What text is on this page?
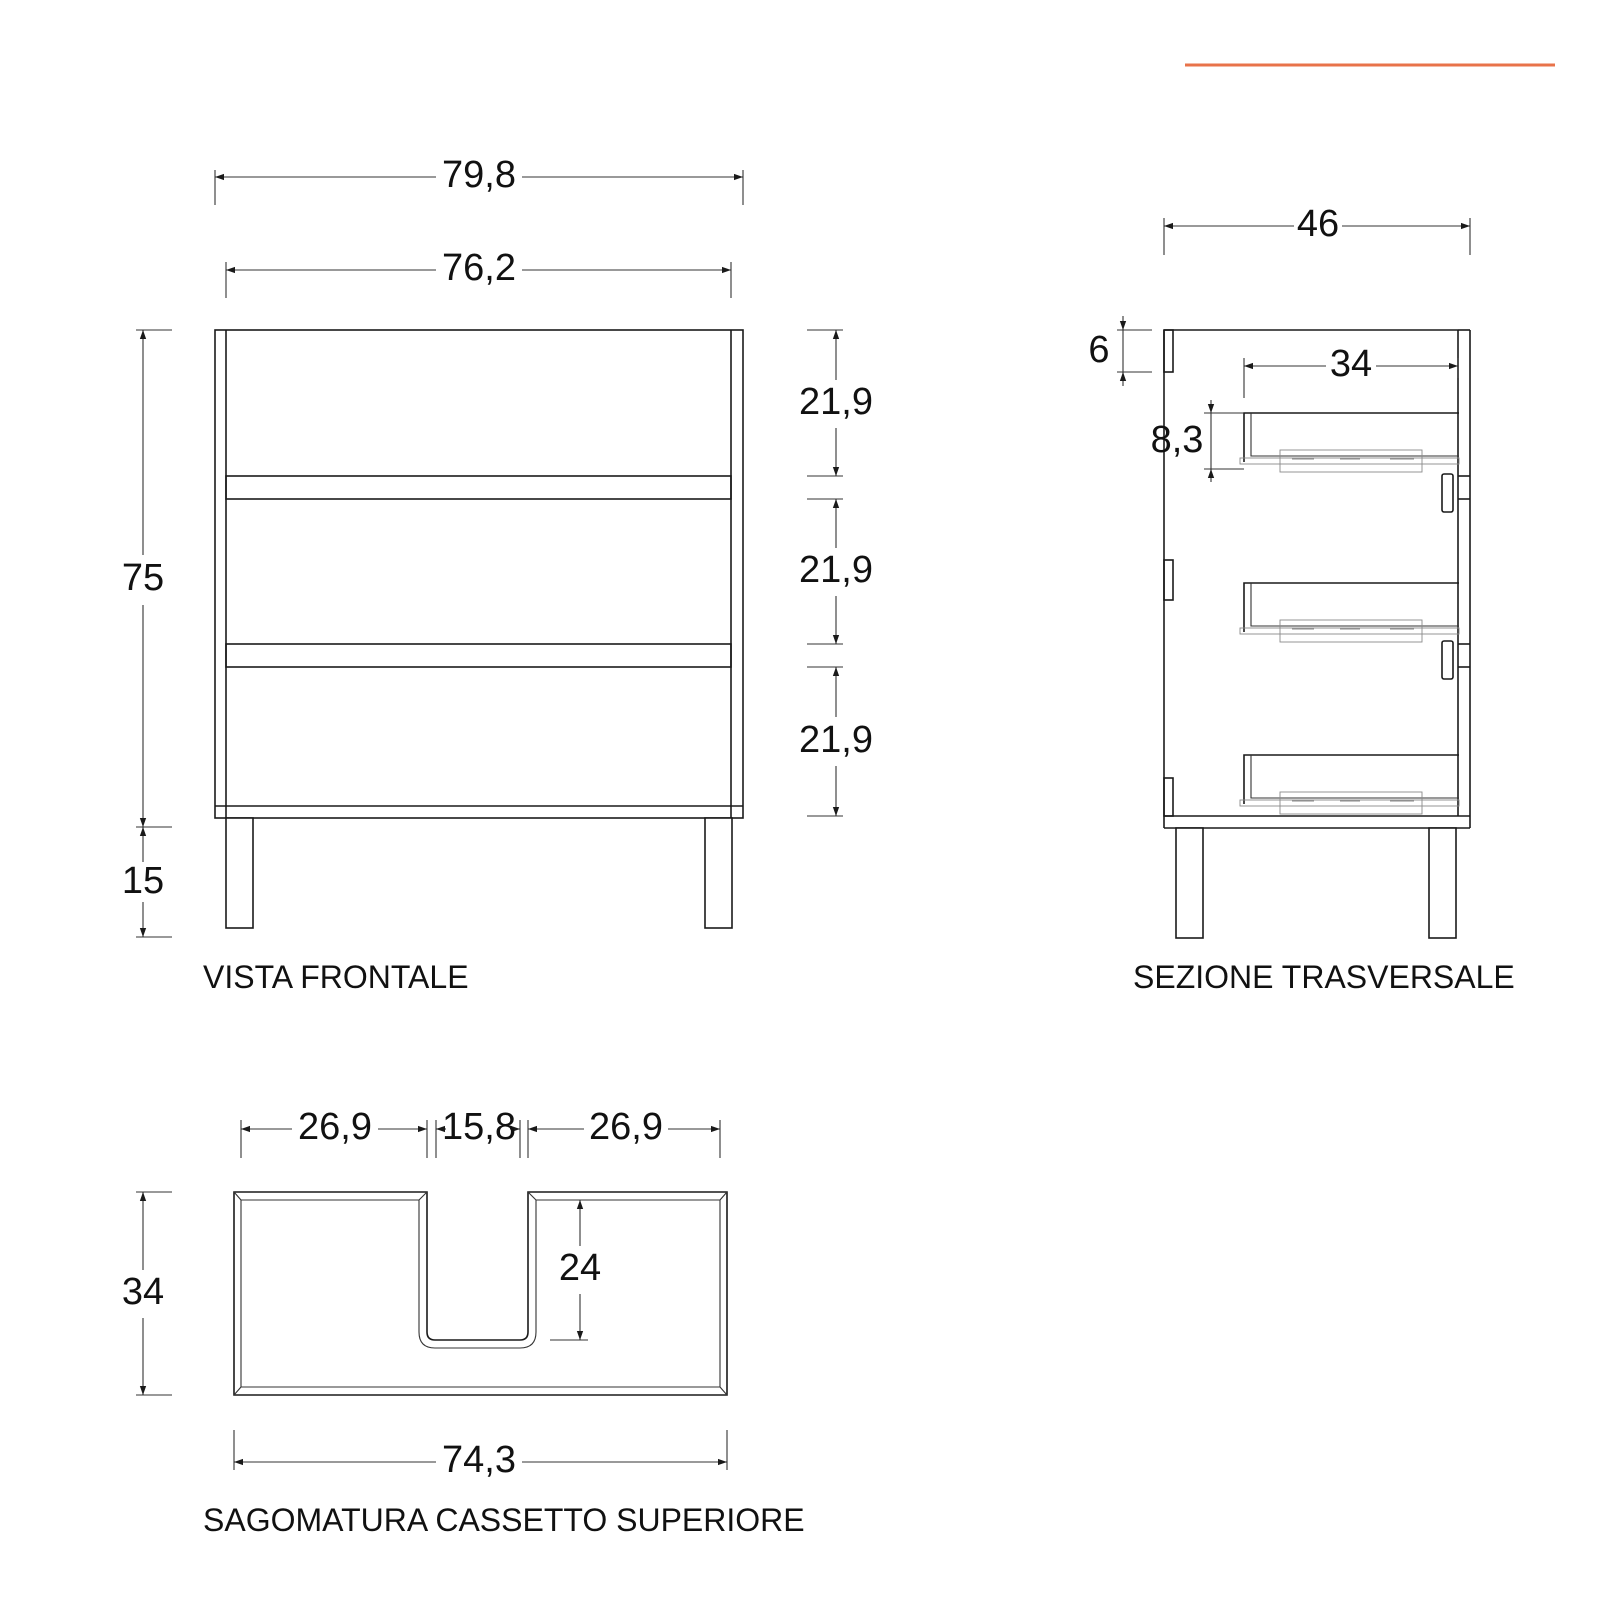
79,8
76,2
75
15
21,9
21,9
21,9
VISTA FRONTALE
46
6	34
8,3
SEZIONE TRASVERSALE
26,9 15,8 26,9
34
24
74,3
SAGOMATURA CASSETTO SUPERIORE
